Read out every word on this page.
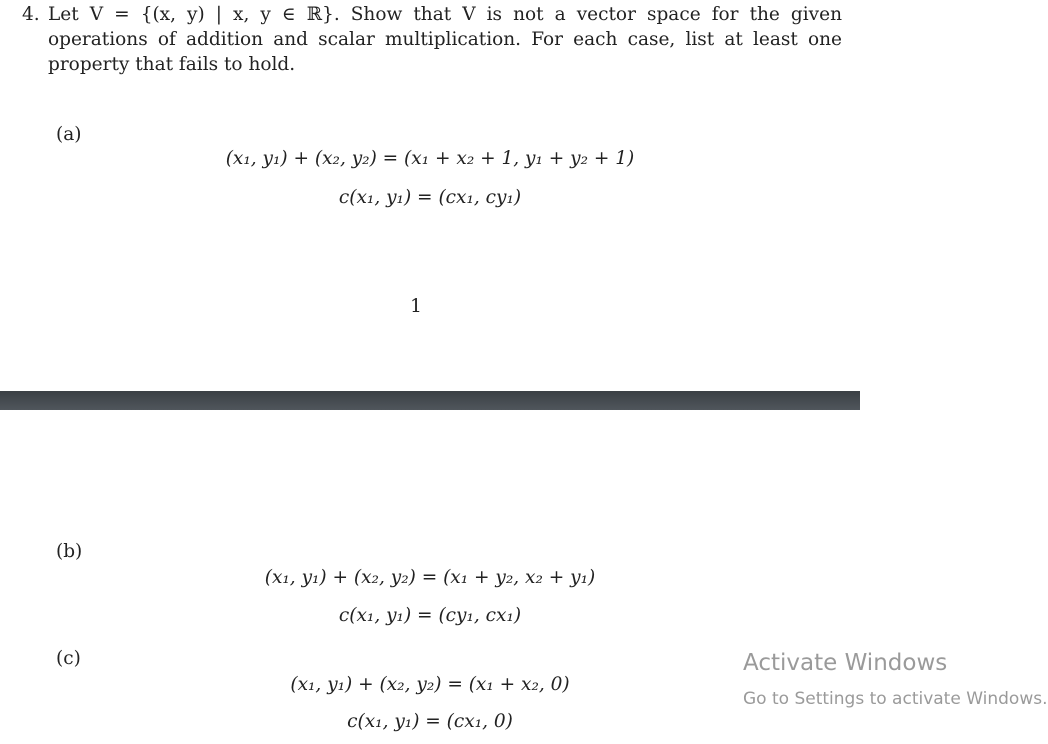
4. Let V = {(x, y) | x, y ∈ ℝ}. Show that V is not a vector space for the given operations of addition and scalar multiplication. For each case, list at least one property that fails to hold.
(a)
(x₁, y₁) + (x₂, y₂) = (x₁ + x₂ + 1, y₁ + y₂ + 1)
c(x₁, y₁) = (cx₁, cy₁)
1
(b)
(x₁, y₁) + (x₂, y₂) = (x₁ + y₂, x₂ + y₁)
c(x₁, y₁) = (cy₁, cx₁)
(c)
(x₁, y₁) + (x₂, y₂) = (x₁ + x₂, 0)
c(x₁, y₁) = (cx₁, 0)
Activate Windows
Go to Settings to activate Windows.
